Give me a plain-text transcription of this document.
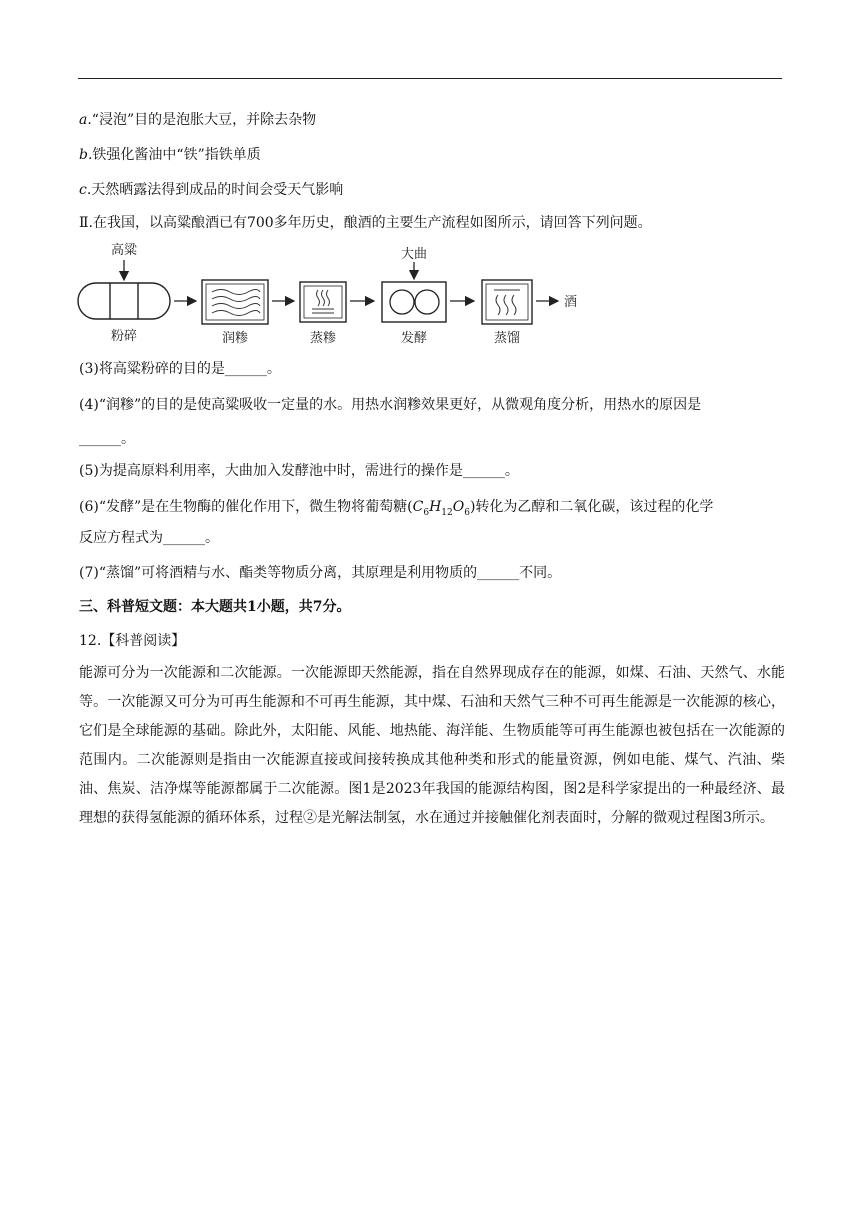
a.“浸泡”目的是泡胀大豆，并除去杂物
b.铁强化酱油中“铁”指铁单质
c.天然晒露法得到成品的时间会受天气影响
Ⅱ.在我国，以高粱酿酒已有700多年历史，酿酒的主要生产流程如图所示，请回答下列问题。
高粱
粉碎	润糁	蒸糁
大曲
发酵	蒸馏
酒
(3)将高粱粉碎的目的是______。
(4)“润糁”的目的是使高粱吸收一定量的水。用热水润糁效果更好，从微观角度分析，用热水的原因是
______。
(5)为提高原料利用率，大曲加入发酵池中时，需进行的操作是______。
(6)“发酵”是在生物酶的催化作用下，微生物将葡萄糖$(C_6H_{12}O_6)$转化为乙醇和二氧化碳，该过程的化学
反应方程式为______。
(7)“蒸馏”可将酒精与水、酯类等物质分离，其原理是利用物质的______不同。
三、科普短文题：本大题共1小题，共7分。
12.【科普阅读】
能源可分为一次能源和二次能源。一次能源即天然能源，指在自然界现成存在的能源，如煤、石油、天然气、水能等。一次能源又可分为可再生能源和不可再生能源，其中煤、石油和天然气三种不可再生能源是一次能源的核心，它们是全球能源的基础。除此外，太阳能、风能、地热能、海洋能、生物质能等可再生能源也被包括在一次能源的范围内。二次能源则是指由一次能源直接或间接转换成其他种类和形式的能量资源，例如电能、煤气、汽油、柴油、焦炭、洁净煤等能源都属于二次能源。图1是2023年我国的能源结构图，图2是科学家提出的一种最经济、最理想的获得氢能源的循环体系，过程②是光解法制氢，水在通过并接触催化剂表面时，分解的微观过程图3所示。
